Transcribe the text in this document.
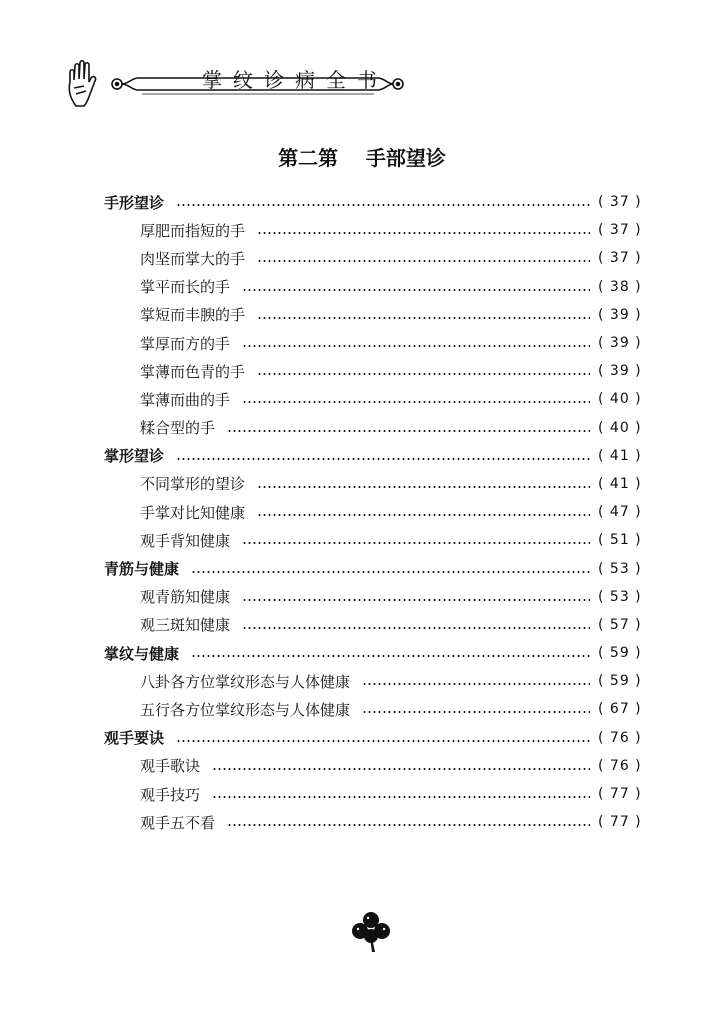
掌纹诊病全书
第二第    手部望诊
手形望诊	( 37 )
厚肥而指短的手	( 37 )
肉坚而掌大的手	( 37 )
掌平而长的手	( 38 )
掌短而丰腴的手	( 39 )
掌厚而方的手	( 39 )
掌薄而色青的手	( 39 )
掌薄而曲的手	( 40 )
糅合型的手	( 40 )
掌形望诊	( 41 )
不同掌形的望诊	( 41 )
手掌对比知健康	( 47 )
观手背知健康	( 51 )
青筋与健康	( 53 )
观青筋知健康	( 53 )
观三斑知健康	( 57 )
掌纹与健康	( 59 )
八卦各方位掌纹形态与人体健康	( 59 )
五行各方位掌纹形态与人体健康	( 67 )
观手要诀	( 76 )
观手歌诀	( 76 )
观手技巧	( 77 )
观手五不看	( 77 )
